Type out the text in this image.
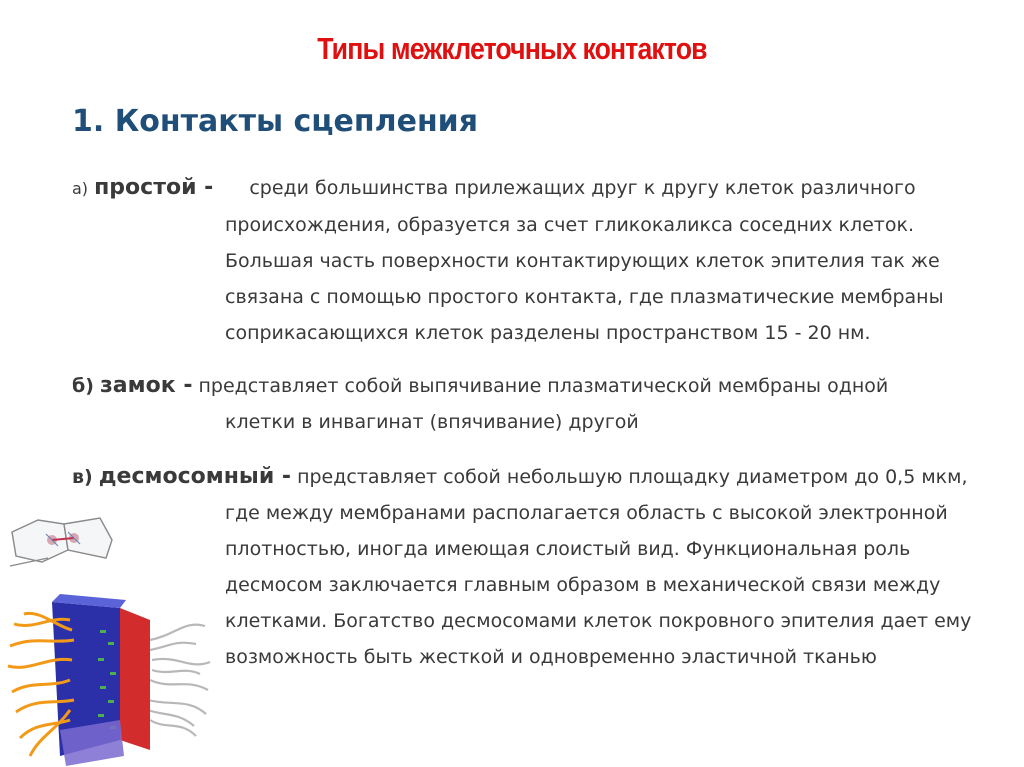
Типы межклеточных контактов
1. Контакты сцепления
а) простой - среди большинства прилежащих друг к другу клеток различного
происхождения, образуется за счет гликокаликса соседних клеток.
Большая часть поверхности контактирующих клеток эпителия так же
связана с помощью простого контакта, где плазматические мембраны
соприкасающихся клеток разделены пространством 15 - 20 нм.
б) замок - представляет собой выпячивание плазматической мембраны одной
клетки в инвагинат (впячивание) другой
в) десмосомный - представляет собой небольшую площадку диаметром до 0,5 мкм,
где между мембранами располагается область с высокой электронной
плотностью, иногда имеющая слоистый вид. Функциональная роль
десмосом заключается главным образом в механической связи между
клетками. Богатство десмосомами клеток покровного эпителия дает ему
возможность быть жесткой и одновременно эластичной тканью
